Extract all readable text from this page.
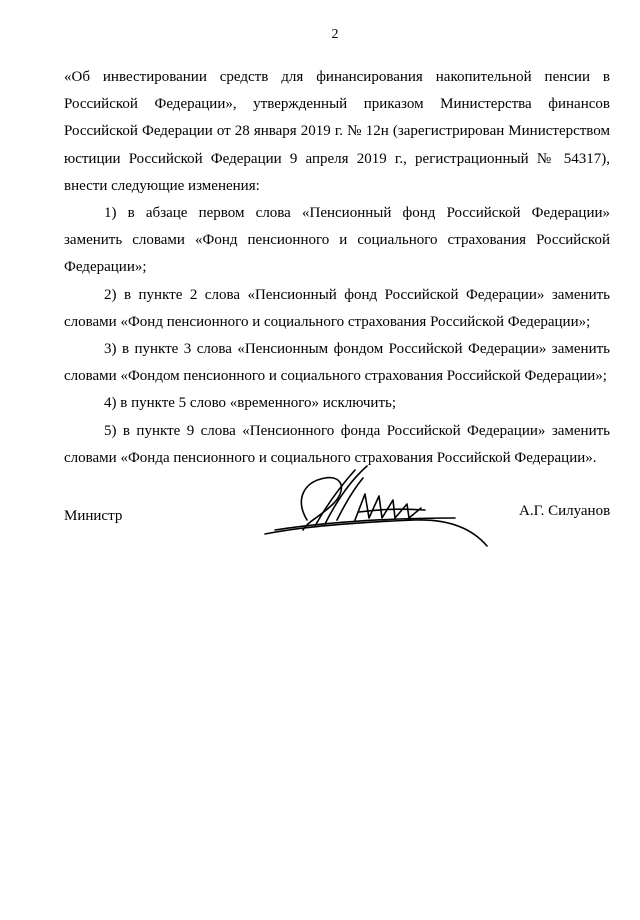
2

«Об инвестировании средств для финансирования накопительной пенсии в Российской Федерации», утвержденный приказом Министерства финансов Российской Федерации от 28 января 2019 г. № 12н (зарегистрирован Министерством юстиции Российской Федерации 9 апреля 2019 г., регистрационный № 54317), внести следующие изменения:

1) в абзаце первом слова «Пенсионный фонд Российской Федерации» заменить словами «Фонд пенсионного и социального страхования Российской Федерации»;

2) в пункте 2 слова «Пенсионный фонд Российской Федерации» заменить словами «Фонд пенсионного и социального страхования Российской Федерации»;

3) в пункте 3 слова «Пенсионным фондом Российской Федерации» заменить словами «Фондом пенсионного и социального страхования Российской Федерации»;

4) в пункте 5 слово «временного» исключить;

5) в пункте 9 слова «Пенсионного фонда Российской Федерации» заменить словами «Фонда пенсионного и социального страхования Российской Федерации».

Министр	А.Г. Силуанов
